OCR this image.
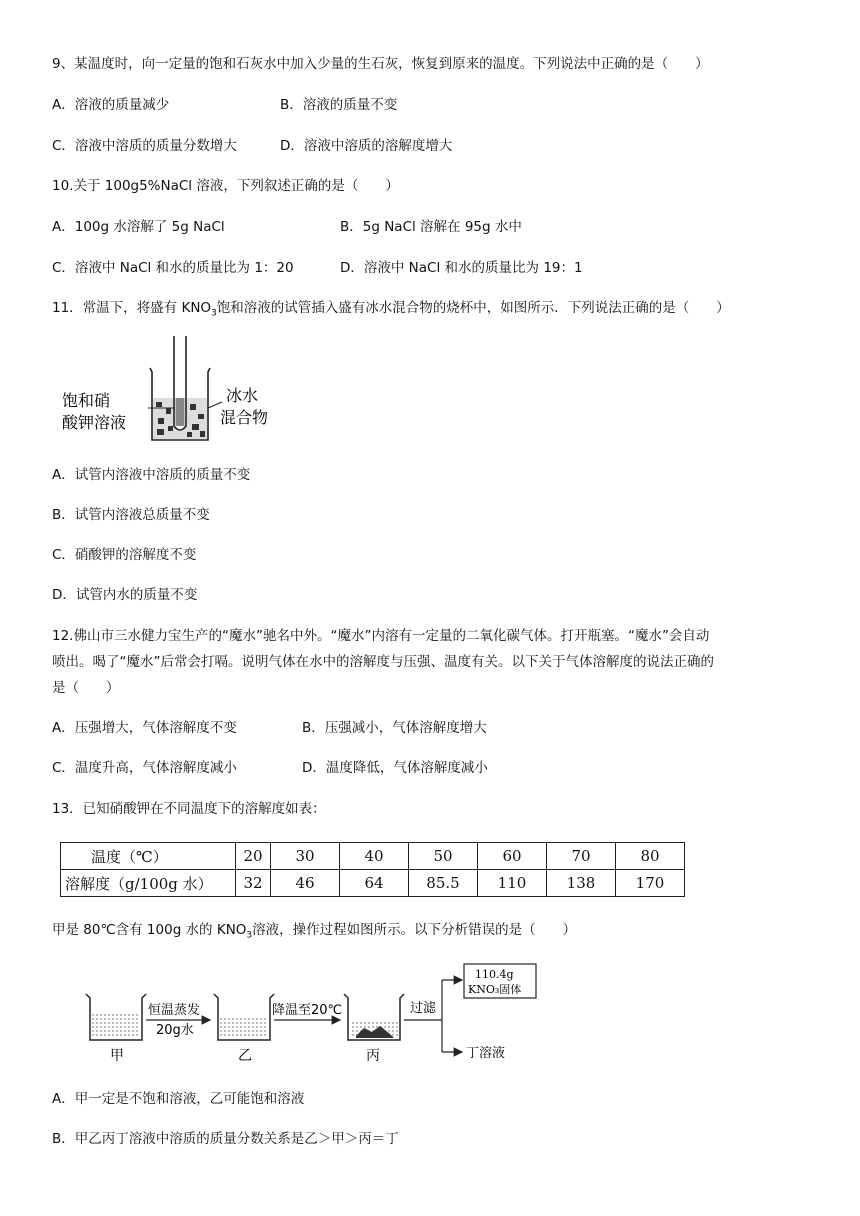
9、某温度时，向一定量的饱和石灰水中加入少量的生石灰，恢复到原来的温度。下列说法中正确的是（　　）
A．溶液的质量减少	B．溶液的质量不变
C．溶液中溶质的质量分数增大	D．溶液中溶质的溶解度增大
10.关于 100g5%NaCl 溶液，下列叙述正确的是（　　）
A．100g 水溶解了 5g NaCl	B．5g NaCl 溶解在 95g 水中
C．溶液中 NaCl 和水的质量比为 1：20	D．溶液中 NaCl 和水的质量比为 19：1
11．常温下，将盛有 $KNO_3$饱和溶液的试管插入盛有冰水混合物的烧杯中，如图所示．下列说法正确的是（　　）
饱和硝
酸钾溶液
冰水
混合物
A．试管内溶液中溶质的质量不变
B．试管内溶液总质量不变
C．硝酸钾的溶解度不变
D．试管内水的质量不变
12.佛山市三水健力宝生产的“魔水”驰名中外。“魔水”内溶有一定量的二氧化碳气体。打开瓶塞。“魔水”会自动
喷出。喝了“魔水”后常会打嗝。说明气体在水中的溶解度与压强、温度有关。以下关于气体溶解度的说法正确的
是（　　）
A．压强增大，气体溶解度不变	B．压强减小，气体溶解度增大
C．温度升高，气体溶解度减小	D．温度降低，气体溶解度减小
13．已知硝酸钾在不同温度下的溶解度如表：
温度（℃）	20	30	40	50	60	70	80
溶解度（g/100g 水）	32	46	64	85.5	110	138	170
甲是 80℃含有 100g 水的 $KNO_3$溶液，操作过程如图所示。以下分析错误的是（　　）
甲
恒温蒸发
20g水
乙
降温至20℃
丙
过滤
110.4g
KNO₃固体
丁溶液
A．甲一定是不饱和溶液，乙可能饱和溶液
B．甲乙丙丁溶液中溶质的质量分数关系是乙＞甲＞丙＝丁
